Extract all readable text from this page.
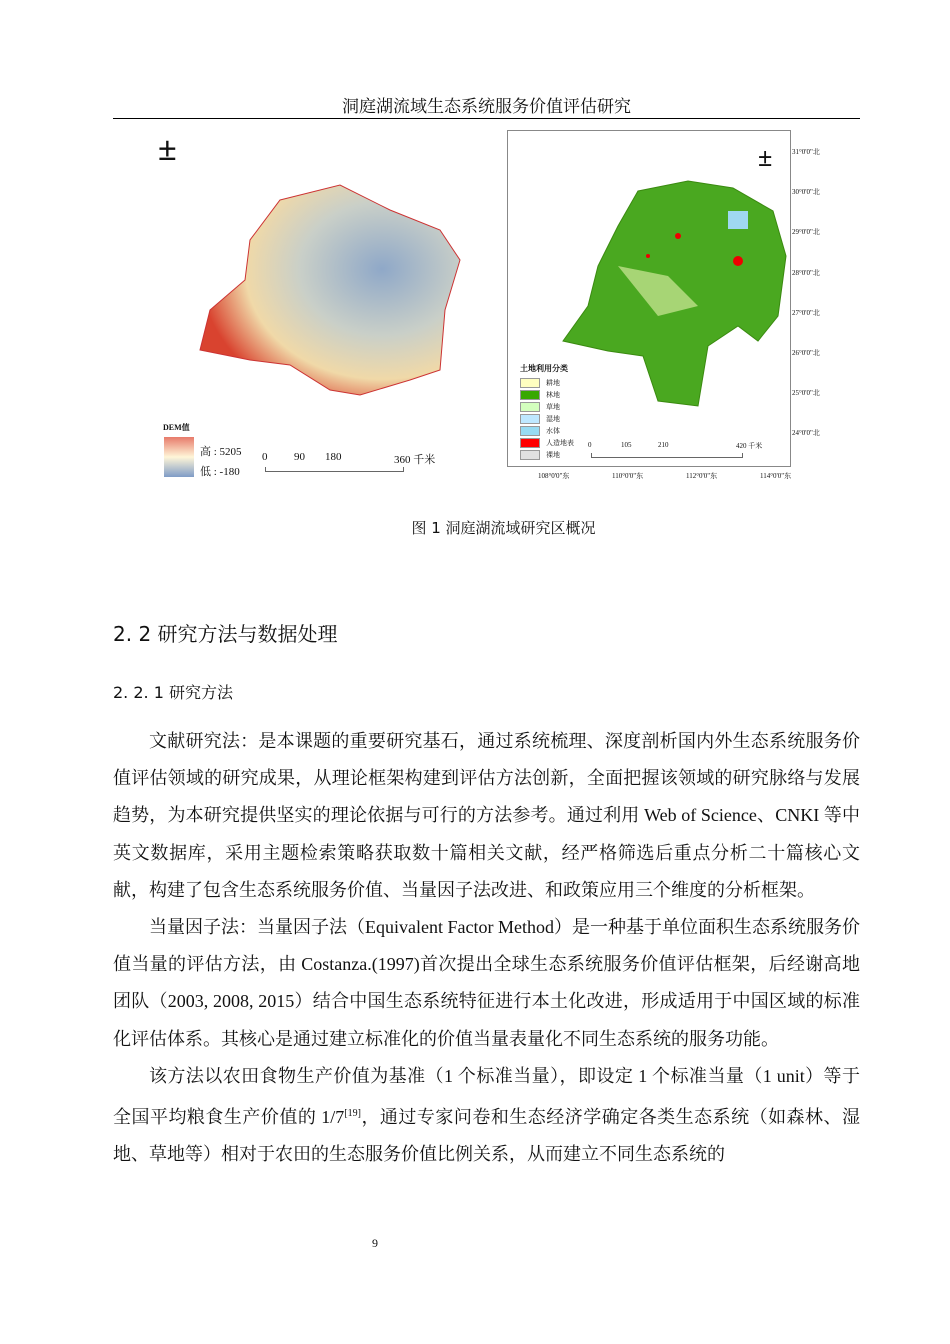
洞庭湖流域生态系统服务价值评估研究
±
DEM值
高 : 5205
低 : -180
0 90 180	360 千米
±
土地利用分类
耕地
林地
草地
湿地
水体
人造地表
裸地
0	105	210	420 千米
31°0'0"北
30°0'0"北
29°0'0"北
28°0'0"北
27°0'0"北
26°0'0"北
25°0'0"北
24°0'0"北
108°0'0"东	110°0'0"东	112°0'0"东	114°0'0"东
图 1 洞庭湖流域研究区概况
2. 2 研究方法与数据处理
2. 2. 1 研究方法

文献研究法：是本课题的重要研究基石，通过系统梳理、深度剖析国内外生态系统服务价值评估领域的研究成果，从理论框架构建到评估方法创新，全面把握该领域的研究脉络与发展趋势，为本研究提供坚实的理论依据与可行的方法参考。通过利用 Web of Science、CNKI 等中英文数据库，采用主题检索策略获取数十篇相关文献，经严格筛选后重点分析二十篇核心文献，构建了包含生态系统服务价值、当量因子法改进、和政策应用三个维度的分析框架。

当量因子法：当量因子法（Equivalent Factor Method）是一种基于单位面积生态系统服务价值当量的评估方法，由 Costanza.(1997)首次提出全球生态系统服务价值评估框架，后经谢高地团队（2003, 2008, 2015）结合中国生态系统特征进行本土化改进，形成适用于中国区域的标准化评估体系。其核心是通过建立标准化的价值当量表量化不同生态系统的服务功能。

该方法以农田食物生产价值为基准（1 个标准当量），即设定 1 个标准当量（1 unit）等于全国平均粮食生产价值的 1/7[19]，通过专家问卷和生态经济学确定各类生态系统（如森林、湿地、草地等）相对于农田的生态服务价值比例关系，从而建立不同生态系统的

9
